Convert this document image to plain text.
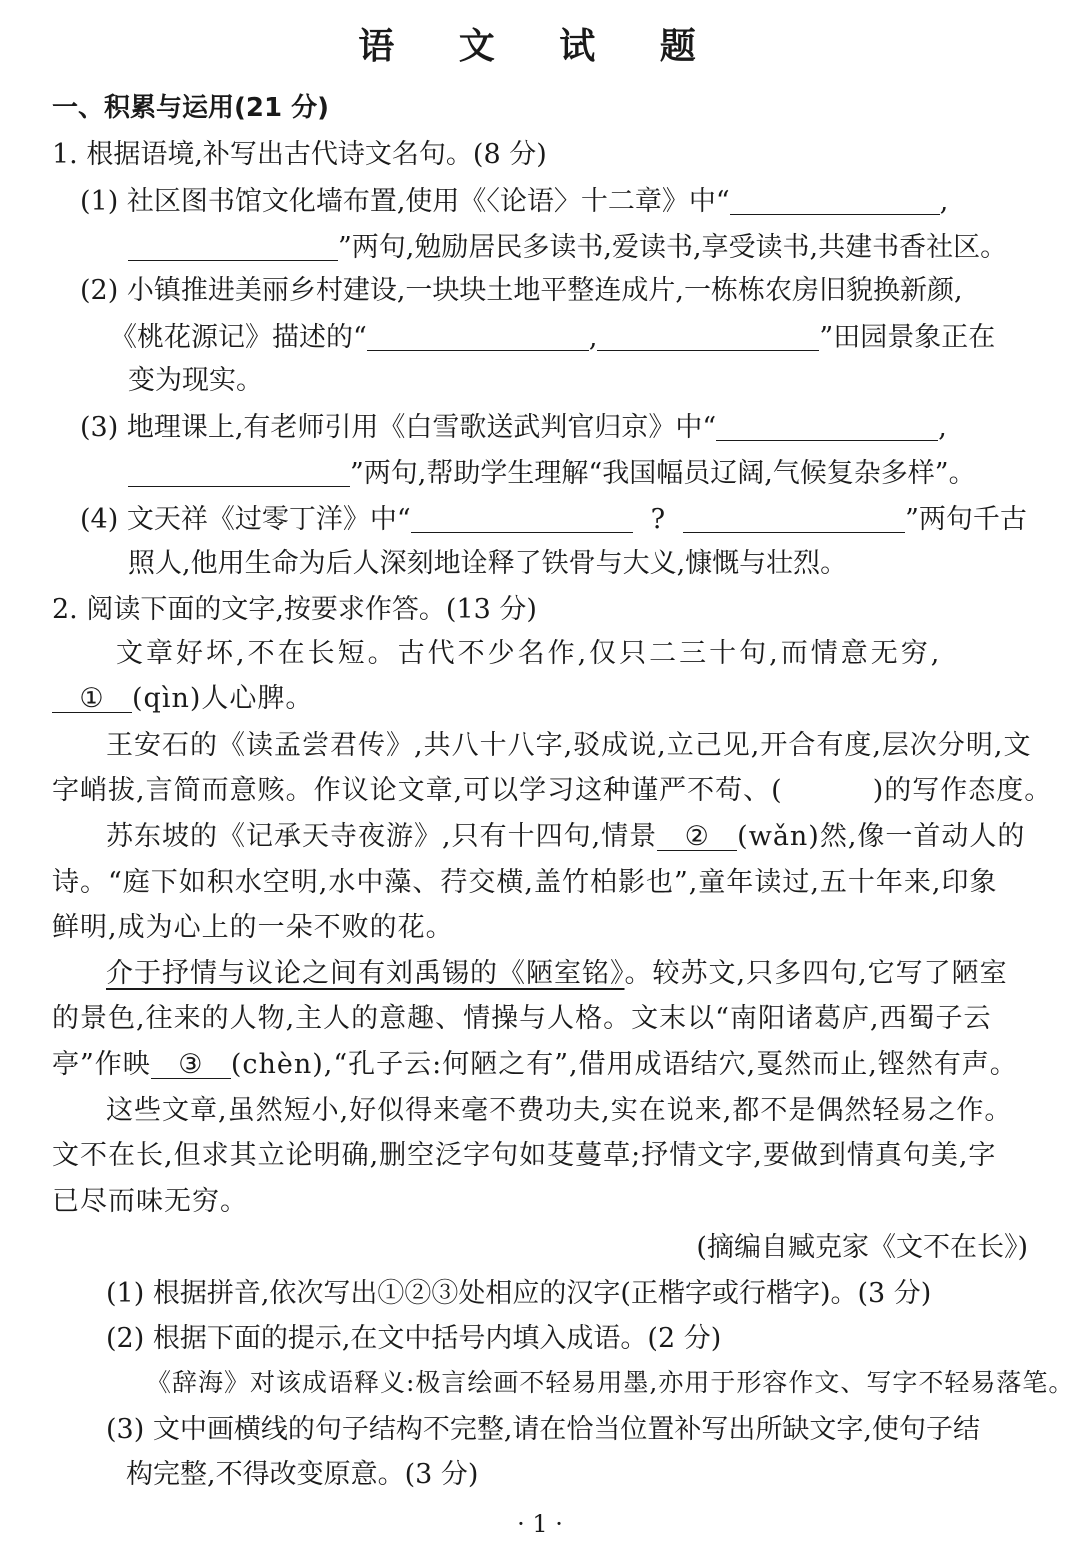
语 文 试 题
一、积累与运用(21 分)
1. 根据语境,补写出古代诗文名句。(8 分)
(1) 社区图书馆文化墙布置,使用《〈论语〉十二章》中“	,
”两句,勉励居民多读书,爱读书,享受读书,共建书香社区。
(2) 小镇推进美丽乡村建设,一块块土地平整连成片,一栋栋农房旧貌换新颜,
《桃花源记》描述的“	,	”田园景象正在
变为现实。
(3) 地理课上,有老师引用《白雪歌送武判官归京》中“	,
”两句,帮助学生理解“我国幅员辽阔,气候复杂多样”。
(4) 文天祥《过零丁洋》中“	?	”两句千古
照人,他用生命为后人深刻地诠释了铁骨与大义,慷慨与壮烈。
2. 阅读下面的文字,按要求作答。(13 分)
文章好坏,不在长短。古代不少名作,仅只二三十句,而情意无穷,
① (qìn)人心脾。
王安石的《读孟尝君传》,共八十八字,驳成说,立己见,开合有度,层次分明,文
字峭拔,言简而意赅。作议论文章,可以学习这种谨严不苟、(	)的写作态度。
苏东坡的《记承天寺夜游》,只有十四句,情景 ② (wǎn)然,像一首动人的
诗。“庭下如积水空明,水中藻、荇交横,盖竹柏影也”,童年读过,五十年来,印象
鲜明,成为心上的一朵不败的花。
介于抒情与议论之间有刘禹锡的《陋室铭》。较苏文,只多四句,它写了陋室
的景色,往来的人物,主人的意趣、情操与人格。文末以“南阳诸葛庐,西蜀子云
亭”作映 ③ (chèn),“孔子云:何陋之有”,借用成语结穴,戛然而止,铿然有声。
这些文章,虽然短小,好似得来毫不费功夫,实在说来,都不是偶然轻易之作。
文不在长,但求其立论明确,删空泛字句如芟蔓草;抒情文字,要做到情真句美,字
已尽而味无穷。
(摘编自臧克家《文不在长》)
(1) 根据拼音,依次写出①②③处相应的汉字(正楷字或行楷字)。(3 分)
(2) 根据下面的提示,在文中括号内填入成语。(2 分)
《辞海》对该成语释义:极言绘画不轻易用墨,亦用于形容作文、写字不轻易落笔。
(3) 文中画横线的句子结构不完整,请在恰当位置补写出所缺文字,使句子结
构完整,不得改变原意。(3 分)
· 1 ·
